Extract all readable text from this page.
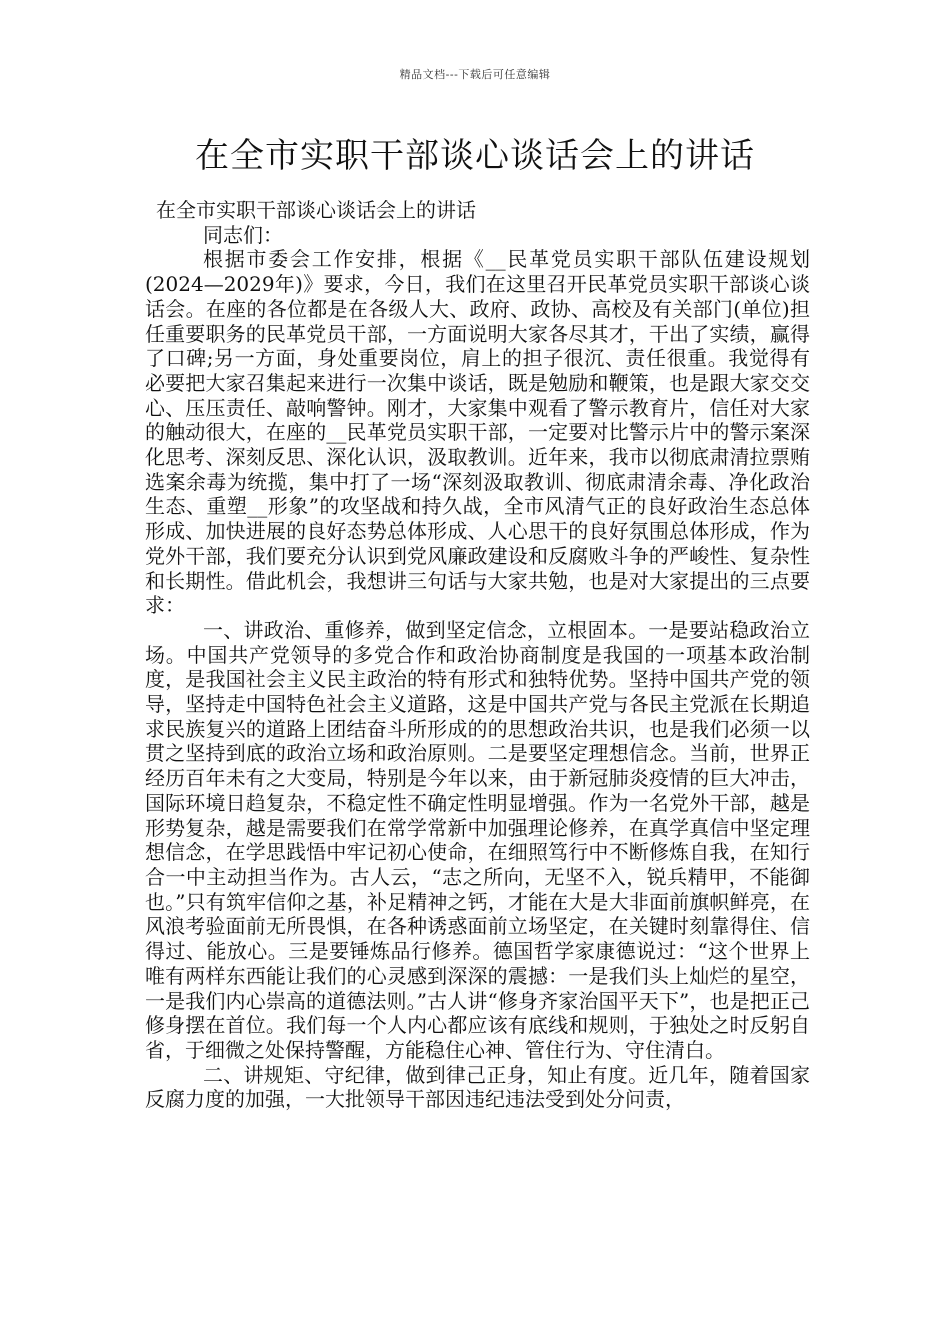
精品文档---下载后可任意编辑
在全市实职干部谈心谈话会上的讲话

在全市实职干部谈心谈话会上的讲话

同志们：

根据市委会工作安排，根据《__民革党员实职干部队伍建设规划(2024—2029年)》要求，今日，我们在这里召开民革党员实职干部谈心谈话会。在座的各位都是在各级人大、政府、政协、高校及有关部门(单位)担任重要职务的民革党员干部，一方面说明大家各尽其才，干出了实绩，赢得了口碑;另一方面，身处重要岗位，肩上的担子很沉、责任很重。我觉得有必要把大家召集起来进行一次集中谈话，既是勉励和鞭策，也是跟大家交交心、压压责任、敲响警钟。刚才，大家集中观看了警示教育片，信任对大家的触动很大，在座的__民革党员实职干部，一定要对比警示片中的警示案深化思考、深刻反思、深化认识，汲取教训。近年来，我市以彻底肃清拉票贿选案余毒为统揽，集中打了一场“深刻汲取教训、彻底肃清余毒、净化政治生态、重塑__形象”的攻坚战和持久战，全市风清气正的良好政治生态总体形成、加快进展的良好态势总体形成、人心思干的良好氛围总体形成，作为党外干部，我们要充分认识到党风廉政建设和反腐败斗争的严峻性、复杂性和长期性。借此机会，我想讲三句话与大家共勉，也是对大家提出的三点要求：

一、讲政治、重修养，做到坚定信念，立根固本。一是要站稳政治立场。中国共产党领导的多党合作和政治协商制度是我国的一项基本政治制度，是我国社会主义民主政治的特有形式和独特优势。坚持中国共产党的领导，坚持走中国特色社会主义道路，这是中国共产党与各民主党派在长期追求民族复兴的道路上团结奋斗所形成的的思想政治共识，也是我们必须一以贯之坚持到底的政治立场和政治原则。二是要坚定理想信念。当前，世界正经历百年未有之大变局，特别是今年以来，由于新冠肺炎疫情的巨大冲击，国际环境日趋复杂，不稳定性不确定性明显增强。作为一名党外干部，越是形势复杂，越是需要我们在常学常新中加强理论修养，在真学真信中坚定理想信念，在学思践悟中牢记初心使命，在细照笃行中不断修炼自我，在知行合一中主动担当作为。古人云，“志之所向，无坚不入，锐兵精甲，不能御也。”只有筑牢信仰之基，补足精神之钙，才能在大是大非面前旗帜鲜亮，在风浪考验面前无所畏惧，在各种诱惑面前立场坚定，在关键时刻靠得住、信得过、能放心。三是要锤炼品行修养。德国哲学家康德说过：“这个世界上唯有两样东西能让我们的心灵感到深深的震撼：一是我们头上灿烂的星空，一是我们内心崇高的道德法则。”古人讲“修身齐家治国平天下”，也是把正己修身摆在首位。我们每一个人内心都应该有底线和规则，于独处之时反躬自省，于细微之处保持警醒，方能稳住心神、管住行为、守住清白。

二、讲规矩、守纪律，做到律己正身，知止有度。近几年，随着国家反腐力度的加强，一大批领导干部因违纪违法受到处分问责，
